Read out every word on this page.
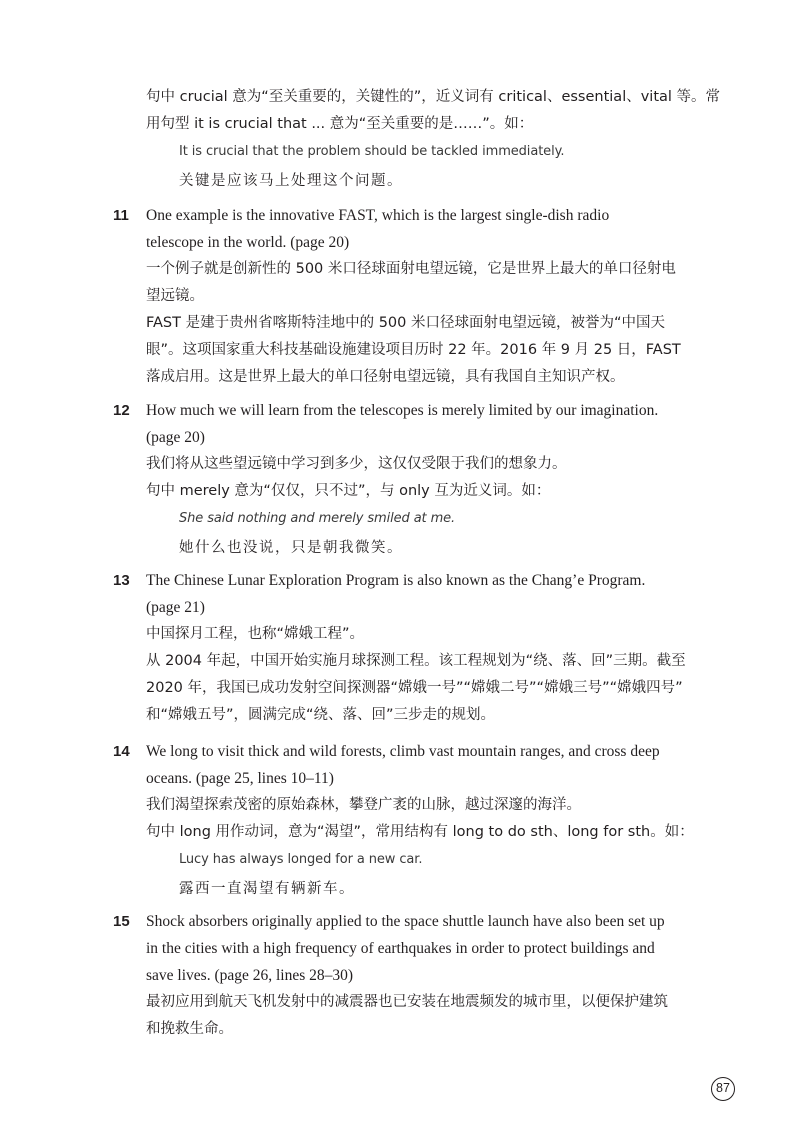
句中 crucial 意为“至关重要的，关键性的”，近义词有 critical、essential、vital 等。常
用句型 it is crucial that ... 意为“至关重要的是……”。如：
It is crucial that the problem should be tackled immediately.
关键是应该马上处理这个问题。
11	One example is the innovative FAST, which is the largest single-dish radio
telescope in the world. (page 20)
一个例子就是创新性的 500 米口径球面射电望远镜，它是世界上最大的单口径射电
望远镜。
FAST 是建于贵州省喀斯特洼地中的 500 米口径球面射电望远镜，被誉为“中国天
眼”。这项国家重大科技基础设施建设项目历时 22 年。2016 年 9 月 25 日，FAST
落成启用。这是世界上最大的单口径射电望远镜，具有我国自主知识产权。
12	How much we will learn from the telescopes is merely limited by our imagination.
(page 20)
我们将从这些望远镜中学习到多少，这仅仅受限于我们的想象力。
句中 merely 意为“仅仅，只不过”，与 only 互为近义词。如：
She said nothing and merely smiled at me.
她什么也没说，只是朝我微笑。
13	The Chinese Lunar Exploration Program is also known as the Chang’e Program.
(page 21)
中国探月工程，也称“嫦娥工程”。
从 2004 年起，中国开始实施月球探测工程。该工程规划为“绕、落、回”三期。截至
2020 年，我国已成功发射空间探测器“嫦娥一号”“嫦娥二号”“嫦娥三号”“嫦娥四号”
和“嫦娥五号”，圆满完成“绕、落、回”三步走的规划。
14	We long to visit thick and wild forests, climb vast mountain ranges, and cross deep
oceans. (page 25, lines 10–11)
我们渴望探索茂密的原始森林，攀登广袤的山脉，越过深邃的海洋。
句中 long 用作动词，意为“渴望”，常用结构有 long to do sth、long for sth。如：
Lucy has always longed for a new car.
露西一直渴望有辆新车。
15	Shock absorbers originally applied to the space shuttle launch have also been set up
in the cities with a high frequency of earthquakes in order to protect buildings and
save lives. (page 26, lines 28–30)
最初应用到航天飞机发射中的减震器也已安装在地震频发的城市里，以便保护建筑
和挽救生命。
87
